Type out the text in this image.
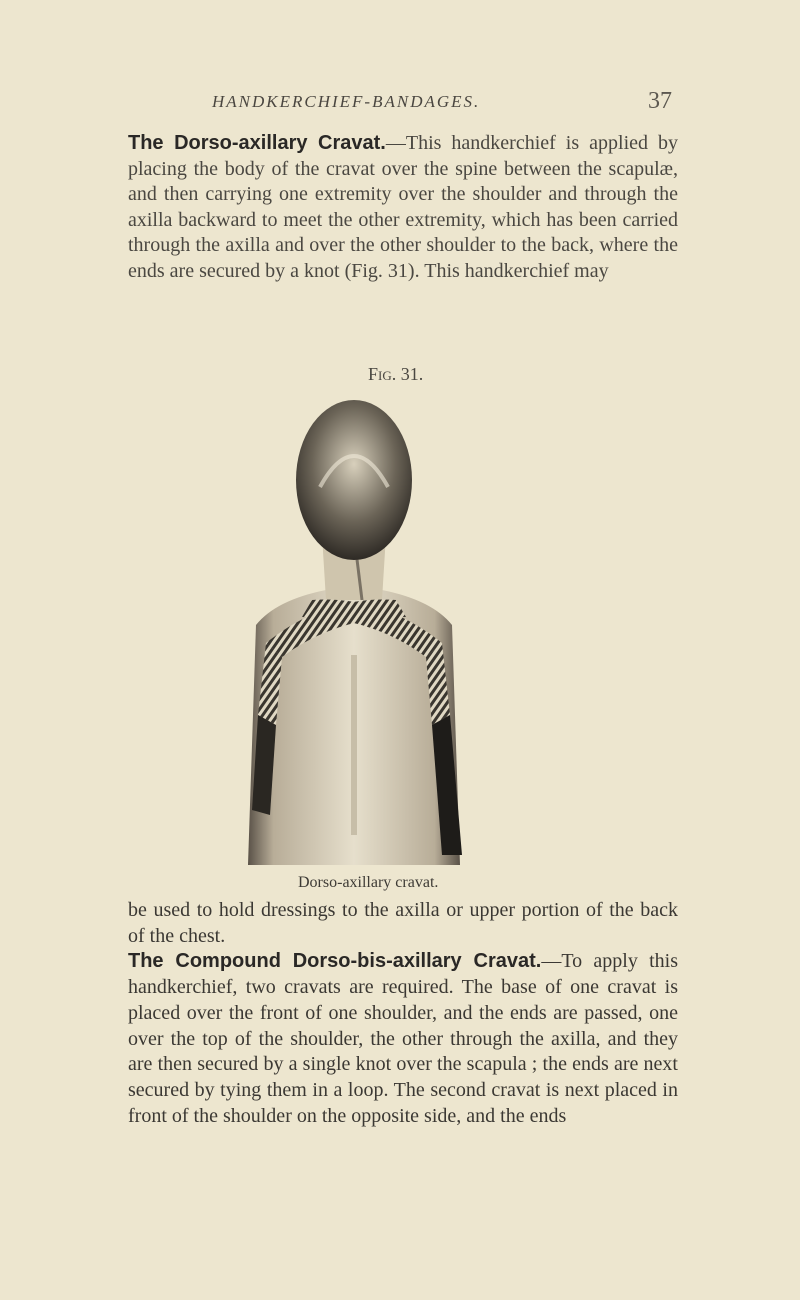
HANDKERCHIEF-BANDAGES.	37

The Dorso-axillary Cravat.—This handkerchief is applied by placing the body of the cravat over the spine between the scapulæ, and then carrying one extremity over the shoulder and through the axilla backward to meet the other extremity, which has been carried through the axilla and over the other shoulder to the back, where the ends are secured by a knot (Fig. 31). This handkerchief may

Fig. 31.
Dorso-axillary cravat.

be used to hold dressings to the axilla or upper portion of the back of the chest.
The Compound Dorso-bis-axillary Cravat.—To apply this handkerchief, two cravats are required. The base of one cravat is placed over the front of one shoulder, and the ends are passed, one over the top of the shoulder, the other through the axilla, and they are then secured by a single knot over the scapula ; the ends are next secured by tying them in a loop. The second cravat is next placed in front of the shoulder on the opposite side, and the ends
